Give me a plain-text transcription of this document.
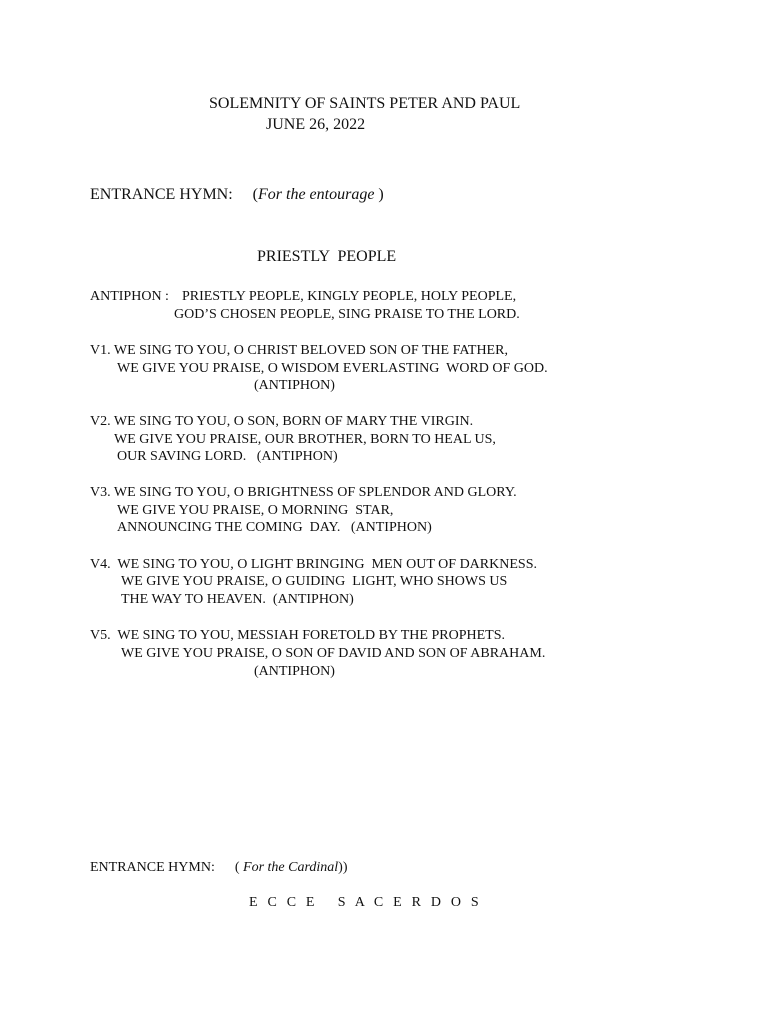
SOLEMNITY OF SAINTS PETER AND PAUL
JUNE 26, 2022
ENTRANCE HYMN: (For the entourage )
PRIESTLY  PEOPLE
ANTIPHON : PRIESTLY PEOPLE, KINGLY PEOPLE, HOLY PEOPLE,
GOD’S CHOSEN PEOPLE, SING PRAISE TO THE LORD.
V1. WE SING TO YOU, O CHRIST BELOVED SON OF THE FATHER,
WE GIVE YOU PRAISE, O WISDOM EVERLASTING  WORD OF GOD.
(ANTIPHON)
V2. WE SING TO YOU, O SON, BORN OF MARY THE VIRGIN.
WE GIVE YOU PRAISE, OUR BROTHER, BORN TO HEAL US,
OUR SAVING LORD.   (ANTIPHON)
V3. WE SING TO YOU, O BRIGHTNESS OF SPLENDOR AND GLORY.
WE GIVE YOU PRAISE, O MORNING  STAR,
ANNOUNCING THE COMING  DAY.   (ANTIPHON)
V4.  WE SING TO YOU, O LIGHT BRINGING  MEN OUT OF DARKNESS.
WE GIVE YOU PRAISE, O GUIDING  LIGHT, WHO SHOWS US
THE WAY TO HEAVEN.  (ANTIPHON)
V5.  WE SING TO YOU, MESSIAH FORETOLD BY THE PROPHETS.
WE GIVE YOU PRAISE, O SON OF DAVID AND SON OF ABRAHAM.
(ANTIPHON)
ENTRANCE HYMN: ( For the Cardinal))
E C C E   S A C E R D O S
